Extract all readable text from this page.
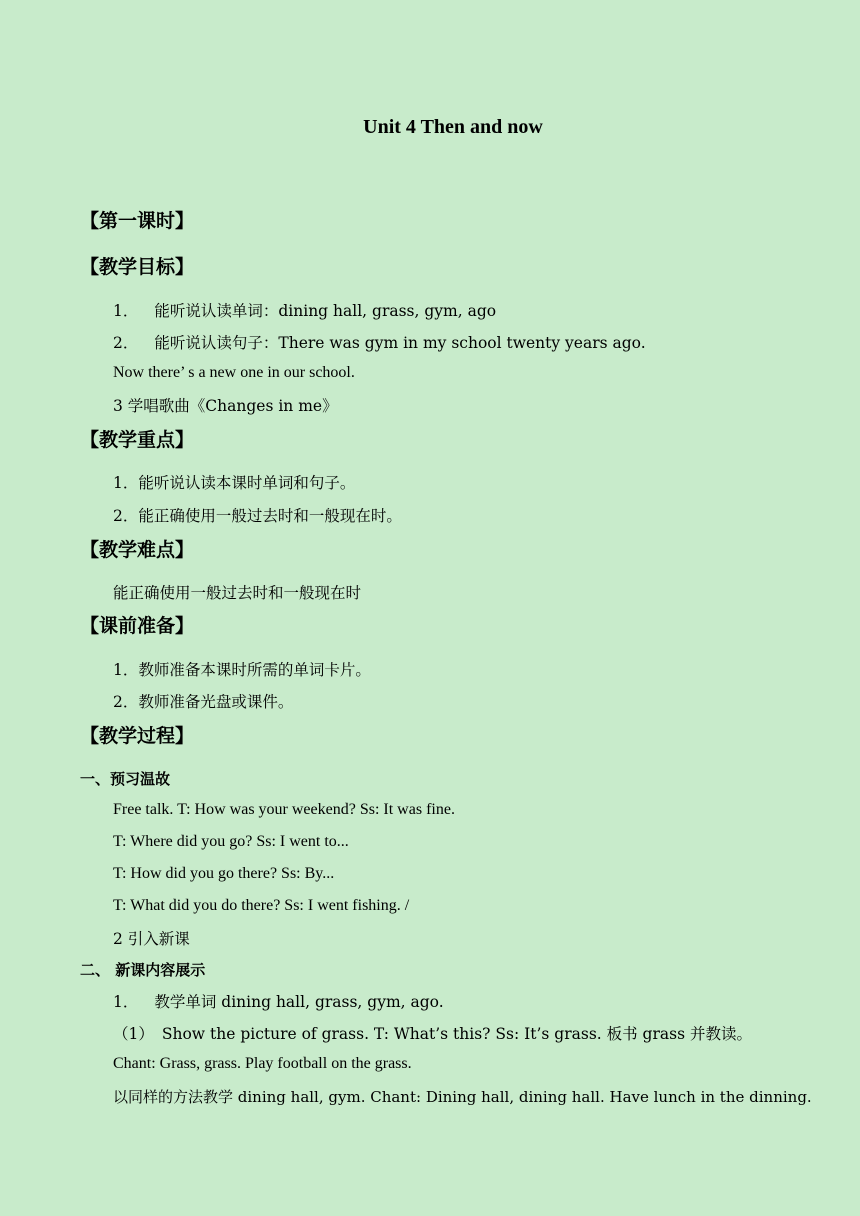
Unit 4 Then and now
【第一课时】
【教学目标】
1． 能听说认读单词：dining hall, grass, gym, ago
2． 能听说认读句子：There was gym in my school twenty years ago.
Now there’ s a new one in our school.
3 学唱歌曲《Changes in me》
【教学重点】
1．能听说认读本课时单词和句子。
2．能正确使用一般过去时和一般现在时。
【教学难点】
能正确使用一般过去时和一般现在时
【课前准备】
1．教师准备本课时所需的单词卡片。
2．教师准备光盘或课件。
【教学过程】
一、预习温故
Free talk. T: How was your weekend? Ss: It was fine.
T: Where did you go? Ss: I went to...
T: How did you go there? Ss: By...
T: What did you do there? Ss: I went fishing. /
2 引入新课
二、 新课内容展示
1． 教学单词 dining hall, grass, gym, ago.
（1） Show the picture of grass. T: What’s this? Ss: It’s grass. 板书 grass 并教读。
Chant: Grass, grass. Play football on the grass.
以同样的方法教学 dining hall, gym. Chant: Dining hall, dining hall. Have lunch in the dinning.
